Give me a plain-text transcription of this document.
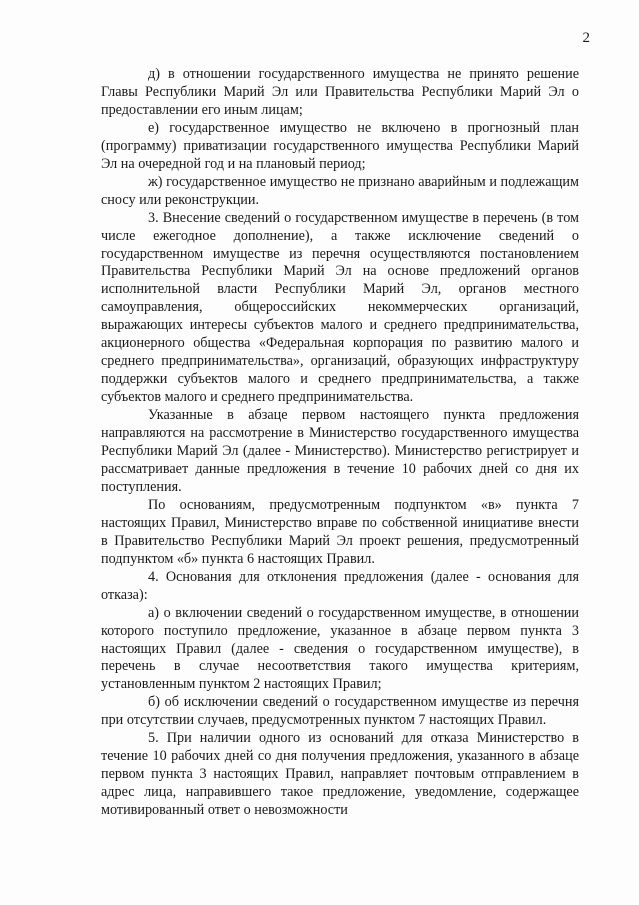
2

д) в отношении государственного имущества не принято решение Главы Республики Марий Эл или Правительства Республики Марий Эл о предоставлении его иным лицам;

е) государственное имущество не включено в прогнозный план (программу) приватизации государственного имущества Республики Марий Эл на очередной год и на плановый период;

ж) государственное имущество не признано аварийным и подлежащим сносу или реконструкции.

3. Внесение сведений о государственном имуществе в перечень (в том числе ежегодное дополнение), а также исключение сведений о государственном имуществе из перечня осуществляются постановлением Правительства Республики Марий Эл на основе предложений органов исполнительной власти Республики Марий Эл, органов местного самоуправления, общероссийских некоммерческих организаций, выражающих интересы субъектов малого и среднего предпринимательства, акционерного общества «Федеральная корпорация по развитию малого и среднего предпринимательства», организаций, образующих инфраструктуру поддержки субъектов малого и среднего предпринимательства, а также субъектов малого и среднего предпринимательства.

Указанные в абзаце первом настоящего пункта предложения направляются на рассмотрение в Министерство государственного имущества Республики Марий Эл (далее - Министерство). Министерство регистрирует и рассматривает данные предложения в течение 10 рабочих дней со дня их поступления.

По основаниям, предусмотренным подпунктом «в» пункта 7 настоящих Правил, Министерство вправе по собственной инициативе внести в Правительство Республики Марий Эл проект решения, предусмотренный подпунктом «б» пункта 6 настоящих Правил.

4. Основания для отклонения предложения (далее - основания для отказа):

а) о включении сведений о государственном имуществе, в отношении которого поступило предложение, указанное в абзаце первом пункта 3 настоящих Правил (далее - сведения о государственном имуществе), в перечень в случае несоответствия такого имущества критериям, установленным пунктом 2 настоящих Правил;

б) об исключении сведений о государственном имуществе из перечня при отсутствии случаев, предусмотренных пунктом 7 настоящих Правил.

5. При наличии одного из оснований для отказа Министерство в течение 10 рабочих дней со дня получения предложения, указанного в абзаце первом пункта 3 настоящих Правил, направляет почтовым отправлением в адрес лица, направившего такое предложение, уведомление, содержащее мотивированный ответ о невозможности
